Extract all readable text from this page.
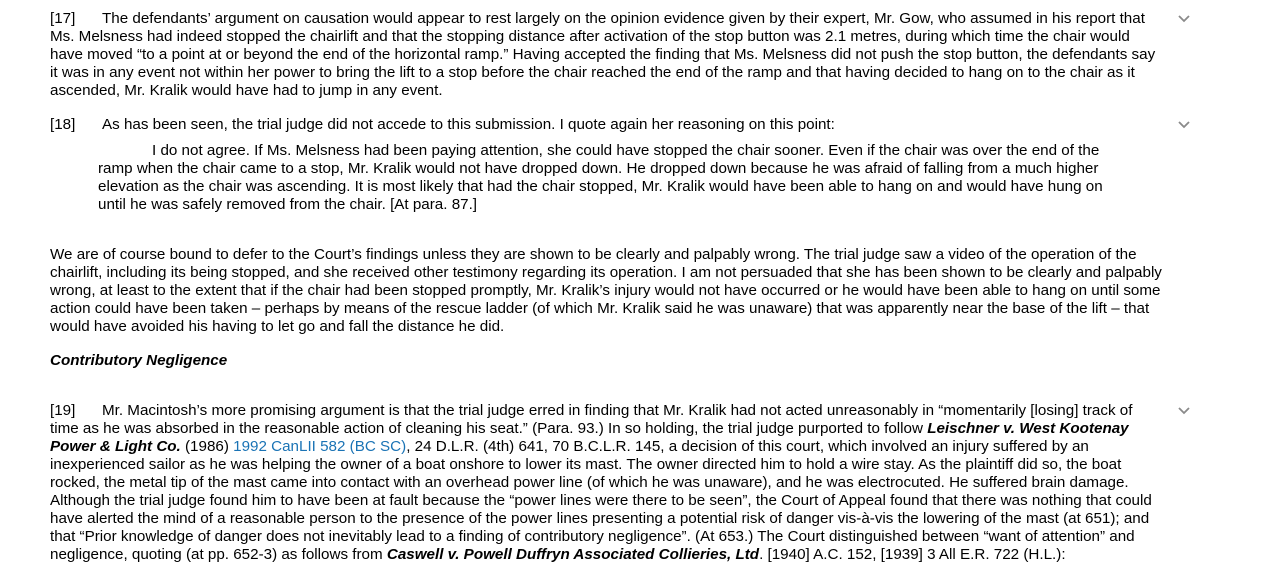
[17] The defendants’ argument on causation would appear to rest largely on the opinion evidence given by their expert, Mr. Gow, who assumed in his report that Ms. Melsness had indeed stopped the chairlift and that the stopping distance after activation of the stop button was 2.1 metres, during which time the chair would have moved “to a point at or beyond the end of the horizontal ramp.” Having accepted the finding that Ms. Melsness did not push the stop button, the defendants say it was in any event not within her power to bring the lift to a stop before the chair reached the end of the ramp and that having decided to hang on to the chair as it ascended, Mr. Kralik would have had to jump in any event.

[18] As has been seen, the trial judge did not accede to this submission. I quote again her reasoning on this point:

I do not agree. If Ms. Melsness had been paying attention, she could have stopped the chair sooner. Even if the chair was over the end of the ramp when the chair came to a stop, Mr. Kralik would not have dropped down. He dropped down because he was afraid of falling from a much higher elevation as the chair was ascending. It is most likely that had the chair stopped, Mr. Kralik would have been able to hang on and would have hung on until he was safely removed from the chair. [At para. 87.]

We are of course bound to defer to the Court’s findings unless they are shown to be clearly and palpably wrong. The trial judge saw a video of the operation of the chairlift, including its being stopped, and she received other testimony regarding its operation. I am not persuaded that she has been shown to be clearly and palpably wrong, at least to the extent that if the chair had been stopped promptly, Mr. Kralik’s injury would not have occurred or he would have been able to hang on until some action could have been taken – perhaps by means of the rescue ladder (of which Mr. Kralik said he was unaware) that was apparently near the base of the lift – that would have avoided his having to let go and fall the distance he did.

Contributory Negligence

[19] Mr. Macintosh’s more promising argument is that the trial judge erred in finding that Mr. Kralik had not acted unreasonably in “momentarily [losing] track of time as he was absorbed in the reasonable action of cleaning his seat.” (Para. 93.) In so holding, the trial judge purported to follow Leischner v. West Kootenay Power & Light Co. (1986) 1992 CanLII 582 (BC SC), 24 D.L.R. (4th) 641, 70 B.C.L.R. 145, a decision of this court, which involved an injury suffered by an inexperienced sailor as he was helping the owner of a boat onshore to lower its mast. The owner directed him to hold a wire stay. As the plaintiff did so, the boat rocked, the metal tip of the mast came into contact with an overhead power line (of which he was unaware), and he was electrocuted. He suffered brain damage. Although the trial judge found him to have been at fault because the “power lines were there to be seen”, the Court of Appeal found that there was nothing that could have alerted the mind of a reasonable person to the presence of the power lines presenting a potential risk of danger vis-à-vis the lowering of the mast (at 651); and that “Prior knowledge of danger does not inevitably lead to a finding of contributory negligence”. (At 653.) The Court distinguished between “want of attention” and negligence, quoting (at pp. 652-3) as follows from Caswell v. Powell Duffryn Associated Collieries, Ltd. [1940] A.C. 152, [1939] 3 All E.R. 722 (H.L.):
